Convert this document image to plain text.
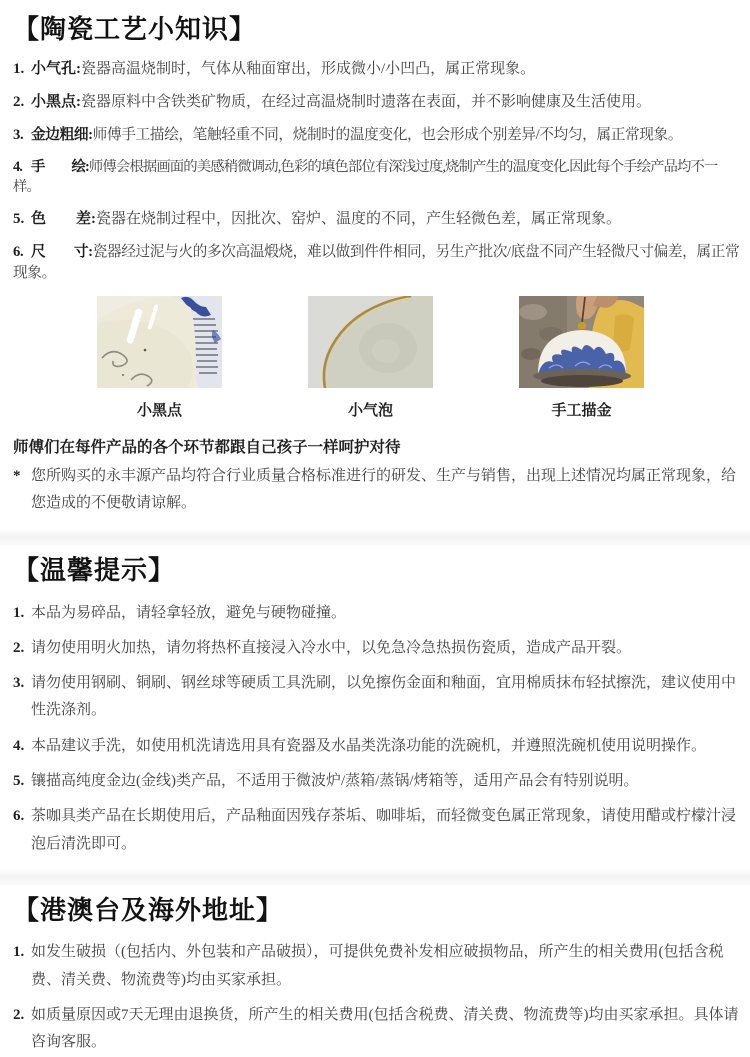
【陶瓷工艺小知识】

1. 小气孔:瓷器高温烧制时，气体从釉面窜出，形成微小/小凹凸，属正常现象。

2. 小黑点:瓷器原料中含铁类矿物质，在经过高温烧制时遗落在表面，并不影响健康及生活使用。

3. 金边粗细:师傅手工描绘，笔触轻重不同，烧制时的温度变化，也会形成个别差异/不均匀，属正常现象。

4. 手　　绘:师傅会根据画面的美感稍微调动,色彩的填色部位有深浅过度,烧制产生的温度变化.因此每个手绘产品均不一样。

5. 色　　差:瓷器在烧制过程中，因批次、窑炉、温度的不同，产生轻微色差，属正常现象。

6. 尺　　寸:瓷器经过泥与火的多次高温煅烧，难以做到件件相同，另生产批次/底盘不同产生轻微尺寸偏差，属正常现象。

小黑点	小气泡	手工描金
师傅们在每件产品的各个环节都跟自己孩子一样呵护对待

* 您所购买的永丰源产品均符合行业质量合格标准进行的研发、生产与销售，出现上述情况均属正常现象，给您造成的不便敬请谅解。

【温馨提示】

1. 本品为易碎品，请轻拿轻放，避免与硬物碰撞。

2. 请勿使用明火加热，请勿将热杯直接浸入冷水中，以免急冷急热损伤瓷质，造成产品开裂。

3. 请勿使用钢刷、铜刷、钢丝球等硬质工具洗刷，以免擦伤金面和釉面，宜用棉质抹布轻拭擦洗，建议使用中性洗涤剂。

4. 本品建议手洗，如使用机洗请选用具有瓷器及水晶类洗涤功能的洗碗机，并遵照洗碗机使用说明操作。

5. 镶描高纯度金边(金线)类产品，不适用于微波炉/蒸箱/蒸锅/烤箱等，适用产品会有特别说明。

6. 茶咖具类产品在长期使用后，产品釉面因残存茶垢、咖啡垢，而轻微变色属正常现象，请使用醋或柠檬汁浸泡后清洗即可。

【港澳台及海外地址】

1. 如发生破损（(包括内、外包装和产品破损），可提供免费补发相应破损物品，所产生的相关费用(包括含税费、清关费、物流费等)均由买家承担。

2. 如质量原因或7天无理由退换货，所产生的相关费用(包括含税费、清关费、物流费等)均由买家承担。具体请咨询客服。
